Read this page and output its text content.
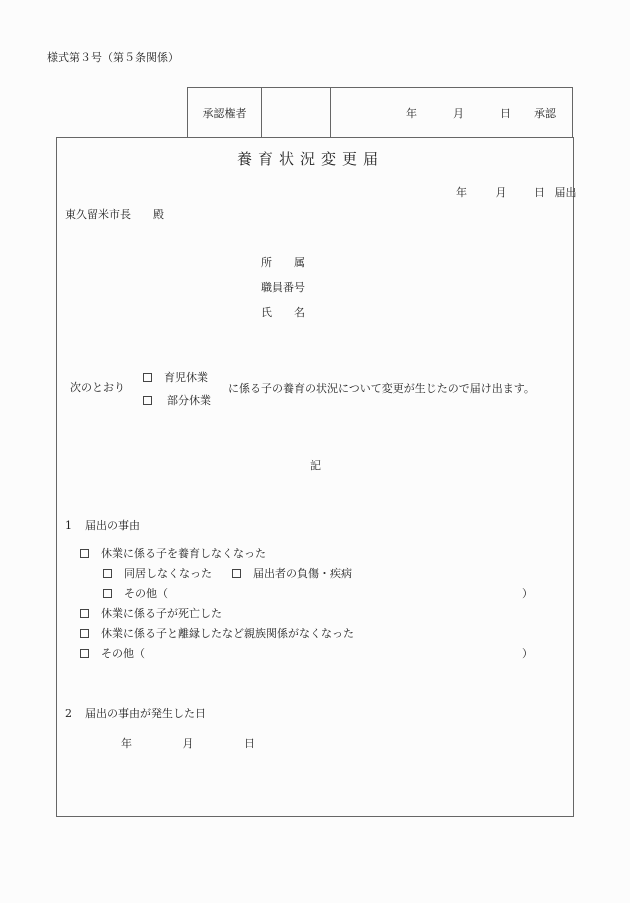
様式第３号（第５条関係）
承認権者	年	月	日	承認
養育状況変更届
年	月	日 届出
東久留米市長 殿
所　　属
職員番号
氏　　名
次のとおり
育児休業
部分休業
に係る子の養育の状況について変更が生じたので届け出ます。
記
1 届出の事由
休業に係る子を養育しなくなった
同居しなくなった	届出者の負傷・疾病
その他（	）
休業に係る子が死亡した
休業に係る子と離縁したなど親族関係がなくなった
その他（	）
2 届出の事由が発生した日
年	月	日
